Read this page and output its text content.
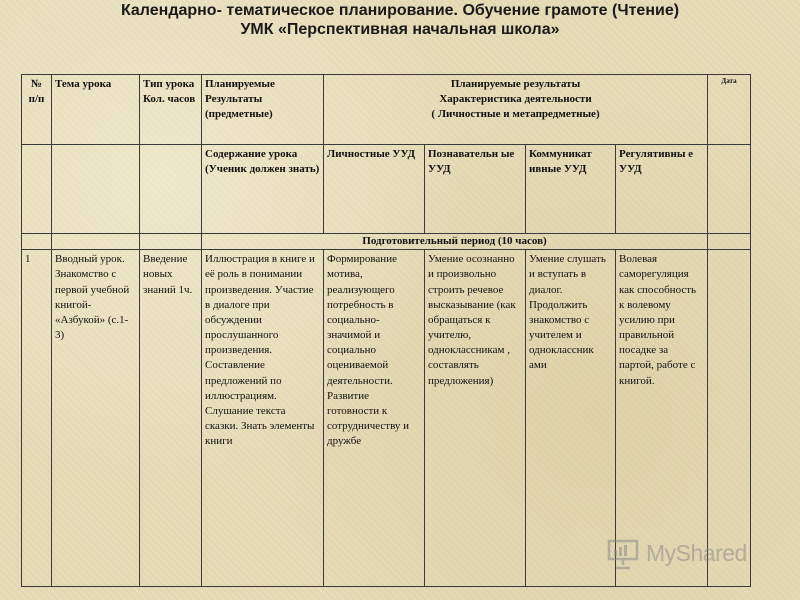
Календарно- тематическое планирование. Обучение грамоте (Чтение)
УМК «Перспективная начальная школа»
№ п/п	Тема урока	Тип урока Кол. часов	Планируемые Результаты (предметные)	Планируемые результаты
Характеристика деятельности
( Личностные и метапредметные)				Дата
			Содержание урока (Ученик должен знать)	Личностные УУД	Познавательн ые УУД	Коммуникат ивные УУД	Регулятивны е УУД	
			Подготовительный период (10 часов)					
1	Вводный урок. Знакомство с первой учебной книгой- «Азбукой» (с.1-3)	Введение новых знаний 1ч.	Иллюстрация в книге и её роль в понимании произведения. Участие в диалоге при обсуждении прослушанного произведения. Составление предложений по иллюстрациям. Слушание текста сказки. Знать элементы книги	Формирование мотива, реализующего потребность в социально- значимой и социально оцениваемой деятельности. Развитие готовности к сотрудничеству и дружбе	Умение осознанно и произвольно строить речевое высказывание (как обращаться к учителю, одноклассникам , составлять предложения)	Умение слушать и вступать в диалог. Продолжить знакомство с учителем и одноклассник ами	Волевая саморегуляция как способность к волевому усилию при правильной посадке за партой, работе с книгой.	
MyShared
